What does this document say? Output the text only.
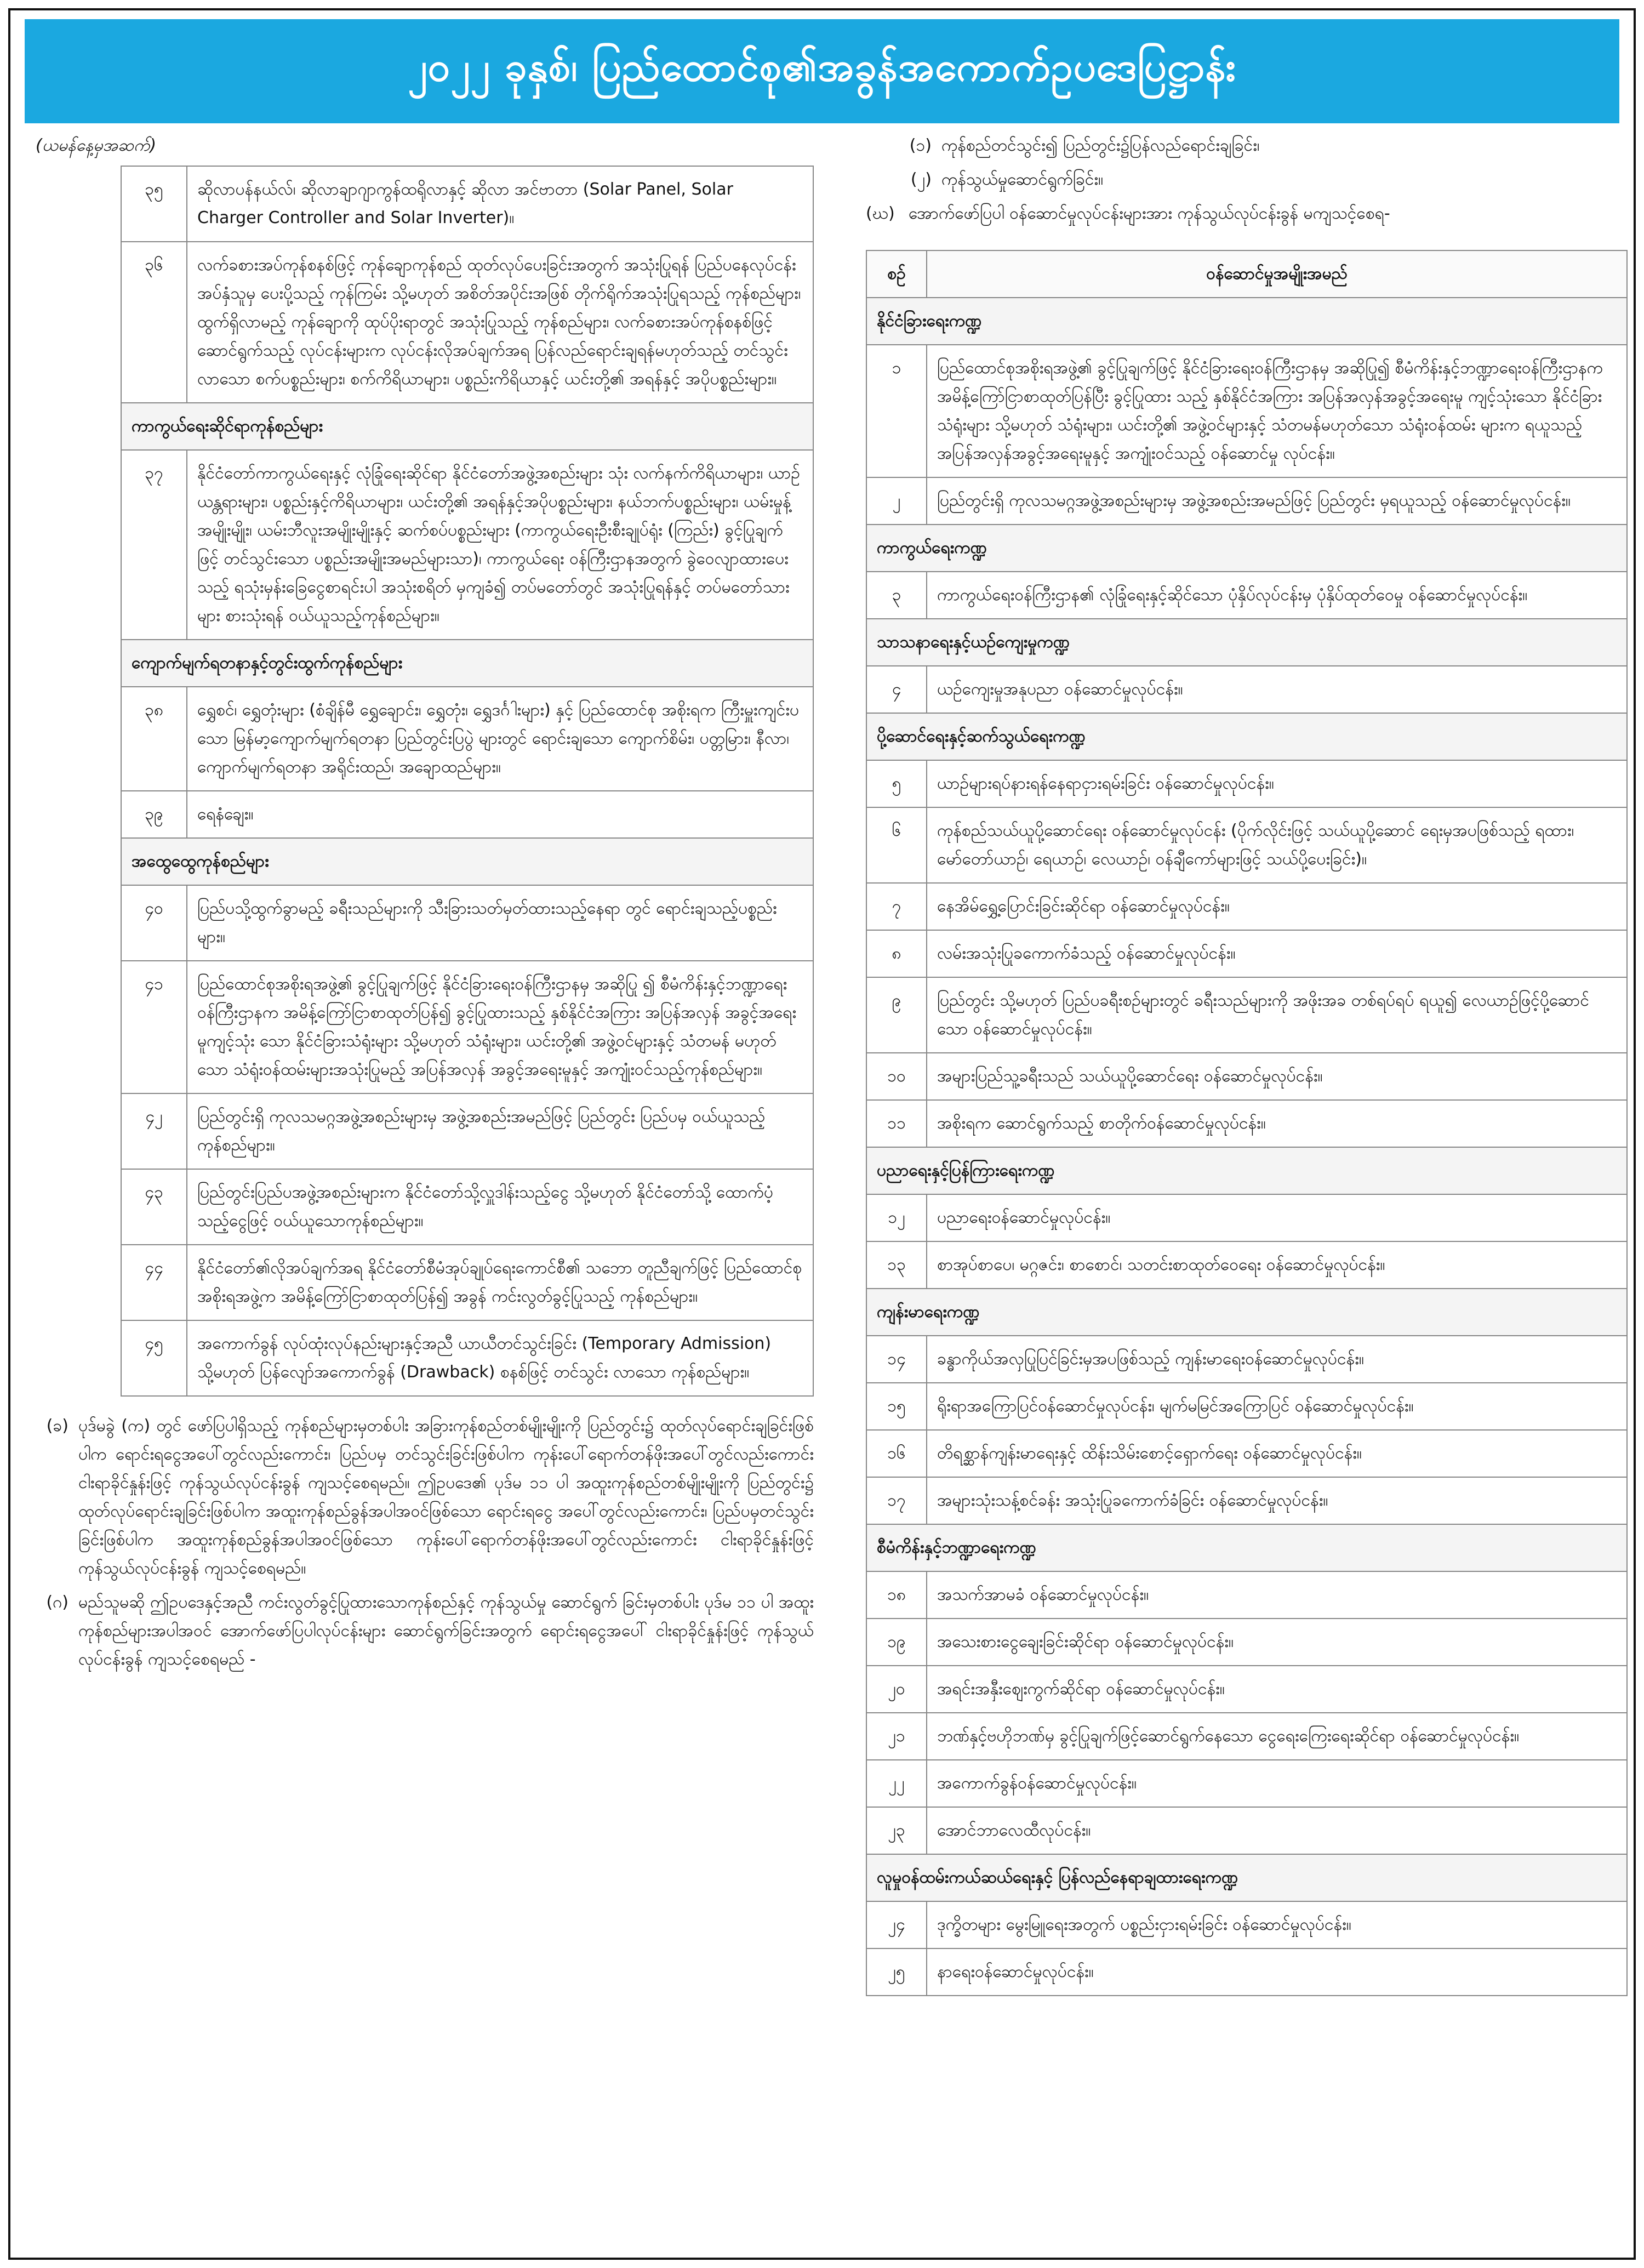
၂၀၂၂ ခုနှစ်၊ ပြည်ထောင်စု၏အခွန်အကောက်ဥပဒေပြဋ္ဌာန်း
(ယမန်နေ့မှအဆက်)
၃၅	ဆိုလာပန်နယ်လ်၊ ဆိုလာချာဂျာကွန်ထရိုလာနှင့် ဆိုလာ အင်ဗာတာ (Solar Panel, Solar Charger Controller and Solar Inverter)။
၃၆	လက်ခစားအပ်ကုန်စနစ်ဖြင့် ကုန်ချောကုန်စည် ထုတ်လုပ်ပေးခြင်းအတွက် အသုံးပြုရန် ပြည်ပနေလုပ်ငန်းအပ်နှံသူမှ ပေးပို့သည့် ကုန်ကြမ်း သို့မဟုတ် အစိတ်အပိုင်းအဖြစ် တိုက်ရိုက်အသုံးပြုရသည့် ကုန်စည်များ၊ ထွက်ရှိလာမည့် ကုန်ချောကို ထုပ်ပိုးရာတွင် အသုံးပြုသည့် ကုန်စည်များ၊ လက်ခစားအပ်ကုန်စနစ်ဖြင့် ဆောင်ရွက်သည့် လုပ်ငန်းများက လုပ်ငန်းလိုအပ်ချက်အရ ပြန်လည်ရောင်းချရန်မဟုတ်သည့် တင်သွင်းလာသော စက်ပစ္စည်းများ၊ စက်ကိရိယာများ၊ ပစ္စည်းကိရိယာနှင့် ယင်းတို့၏ အရန်နှင့် အပိုပစ္စည်းများ။
ကာကွယ်ရေးဆိုင်ရာကုန်စည်များ	
၃၇	နိုင်ငံတော်ကာကွယ်ရေးနှင့် လုံခြုံရေးဆိုင်ရာ နိုင်ငံတော်အဖွဲ့အစည်းများ သုံး လက်နက်ကိရိယာများ၊ ယာဉ်ယန္တရားများ၊ ပစ္စည်းနှင့်ကိရိယာများ၊ ယင်းတို့၏ အရန်နှင့်အပိုပစ္စည်းများ၊ နယ်ဘက်ပစ္စည်းများ၊ ယမ်းမှုန့်အမျိုးမျိုး၊ ယမ်းဘီလူးအမျိုးမျိုးနှင့် ဆက်စပ်ပစ္စည်းများ (ကာကွယ်ရေးဦးစီးချုပ်ရုံး (ကြည်း) ခွင့်ပြုချက်ဖြင့် တင်သွင်းသော ပစ္စည်းအမျိုးအမည်များသာ)၊ ကာကွယ်ရေး ဝန်ကြီးဌာနအတွက် ခွဲဝေလျာထားပေးသည့် ရသုံးမှန်းခြေငွေစာရင်းပါ အသုံးစရိတ် မှကျခံ၍ တပ်မတော်တွင် အသုံးပြုရန်နှင့် တပ်မတော်သားများ စားသုံးရန် ဝယ်ယူသည့်ကုန်စည်များ။
ကျောက်မျက်ရတနာနှင့်တွင်းထွက်ကုန်စည်များ	
၃၈	ရွှေစင်၊ ရွှေတုံးများ (စံချိန်မီ ရွှေချောင်း၊ ရွှေတုံး၊ ရွှေဒင်္ဂါးများ) နှင့် ပြည်ထောင်စု အစိုးရက ကြီးမှူးကျင်းပသော မြန်မာ့ကျောက်မျက်ရတနာ ပြည်တွင်းပြပွဲ များတွင် ရောင်းချသော ကျောက်စိမ်း၊ ပတ္တမြား၊ နီလာ၊ ကျောက်မျက်ရတနာ အရိုင်းထည်၊ အချောထည်များ။
၃၉	ရေနံချေး။
အထွေထွေကုန်စည်များ	
၄၀	ပြည်ပသို့ထွက်ခွာမည့် ခရီးသည်များကို သီးခြားသတ်မှတ်ထားသည့်နေရာ တွင် ရောင်းချသည့်ပစ္စည်းများ။
၄၁	ပြည်ထောင်စုအစိုးရအဖွဲ့၏ ခွင့်ပြုချက်ဖြင့် နိုင်ငံခြားရေးဝန်ကြီးဌာနမှ အဆိုပြု ၍ စီမံကိန်းနှင့်ဘဏ္ဍာရေးဝန်ကြီးဌာနက အမိန့်ကြော်ငြာစာထုတ်ပြန်၍ ခွင့်ပြုထားသည့် နှစ်နိုင်ငံအကြား အပြန်အလှန် အခွင့်အရေးမူကျင့်သုံး သော နိုင်ငံခြားသံရုံးများ သို့မဟုတ် သံရုံးများ၊ ယင်းတို့၏ အဖွဲ့ဝင်များနှင့် သံတမန် မဟုတ်သော သံရုံးဝန်ထမ်းများအသုံးပြုမည့် အပြန်အလှန် အခွင့်အရေးမူနှင့် အကျုံးဝင်သည့်ကုန်စည်များ။
၄၂	ပြည်တွင်းရှိ ကုလသမဂ္ဂအဖွဲ့အစည်းများမှ အဖွဲ့အစည်းအမည်ဖြင့် ပြည်တွင်း ပြည်ပမှ ဝယ်ယူသည့် ကုန်စည်များ။
၄၃	ပြည်တွင်းပြည်ပအဖွဲ့အစည်းများက နိုင်ငံတော်သို့လှူဒါန်းသည့်ငွေ သို့မဟုတ် နိုင်ငံတော်သို့ ထောက်ပံ့သည့်ငွေဖြင့် ဝယ်ယူသောကုန်စည်များ။
၄၄	နိုင်ငံတော်၏လိုအပ်ချက်အရ နိုင်ငံတော်စီမံအုပ်ချုပ်ရေးကောင်စီ၏ သဘော တူညီချက်ဖြင့် ပြည်ထောင်စုအစိုးရအဖွဲ့က အမိန့်ကြော်ငြာစာထုတ်ပြန်၍ အခွန် ကင်းလွတ်ခွင့်ပြုသည့် ကုန်စည်များ။
၄၅	အကောက်ခွန် လုပ်ထုံးလုပ်နည်းများနှင့်အညီ ယာယီတင်သွင်းခြင်း (Temporary Admission) သို့မဟုတ် ပြန်လျော်အကောက်ခွန် (Drawback) စနစ်ဖြင့် တင်သွင်း လာသော ကုန်စည်များ။
(ခ) ပုဒ်မခွဲ (က) တွင် ဖော်ပြပါရှိသည့် ကုန်စည်များမှတစ်ပါး အခြားကုန်စည်တစ်မျိုးမျိုးကို ပြည်တွင်း၌ ထုတ်လုပ်ရောင်းချခြင်းဖြစ်ပါက ရောင်းရငွေအပေါ်တွင်လည်းကောင်း၊ ပြည်ပမှ တင်သွင်းခြင်းဖြစ်ပါက ကုန်းပေါ်ရောက်တန်ဖိုးအပေါ်တွင်လည်းကောင်း ငါးရာခိုင်နှုန်းဖြင့် ကုန်သွယ်လုပ်ငန်းခွန် ကျသင့်စေရမည်။ ဤဥပဒေ၏ ပုဒ်မ ၁၁ ပါ အထူးကုန်စည်တစ်မျိုးမျိုးကို ပြည်တွင်း၌ ထုတ်လုပ်ရောင်းချခြင်းဖြစ်ပါက အထူးကုန်စည်ခွန်အပါအဝင်ဖြစ်သော ရောင်းရငွေ အပေါ်တွင်လည်းကောင်း၊ ပြည်ပမှတင်သွင်းခြင်းဖြစ်ပါက အထူးကုန်စည်ခွန်အပါအဝင်ဖြစ်သော ကုန်းပေါ်ရောက်တန်ဖိုးအပေါ်တွင်လည်းကောင်း ငါးရာခိုင်နှုန်းဖြင့် ကုန်သွယ်လုပ်ငန်းခွန် ကျသင့်စေရမည်။
(ဂ) မည်သူမဆို ဤဥပဒေနှင့်အညီ ကင်းလွတ်ခွင့်ပြုထားသောကုန်စည်နှင့် ကုန်သွယ်မှု ဆောင်ရွက် ခြင်းမှတစ်ပါး ပုဒ်မ ၁၁ ပါ အထူးကုန်စည်များအပါအဝင် အောက်ဖော်ပြပါလုပ်ငန်းများ ဆောင်ရွက်ခြင်းအတွက် ရောင်းရငွေအပေါ် ငါးရာခိုင်နှုန်းဖြင့် ကုန်သွယ်လုပ်ငန်းခွန် ကျသင့်စေရမည် -
(၁) ကုန်စည်တင်သွင်း၍ ပြည်တွင်း၌ပြန်လည်ရောင်းချခြင်း၊
(၂) ကုန်သွယ်မှုဆောင်ရွက်ခြင်း။
(ဃ) အောက်ဖော်ပြပါ ဝန်ဆောင်မှုလုပ်ငန်းများအား ကုန်သွယ်လုပ်ငန်းခွန် မကျသင့်စေရ-
စဉ်	ဝန်ဆောင်မှုအမျိုးအမည်
နိုင်ငံခြားရေးကဏ္ဍ	
၁	ပြည်ထောင်စုအစိုးရအဖွဲ့၏ ခွင့်ပြုချက်ဖြင့် နိုင်ငံခြားရေးဝန်ကြီးဌာနမှ အဆိုပြု၍ စီမံကိန်းနှင့်ဘဏ္ဍာရေးဝန်ကြီးဌာနက အမိန့်ကြော်ငြာစာထုတ်ပြန်ပြီး ခွင့်ပြုထား သည့် နှစ်နိုင်ငံအကြား အပြန်အလှန်အခွင့်အရေးမူ ကျင့်သုံးသော နိုင်ငံခြားသံရုံးများ သို့မဟုတ် သံရုံးများ၊ ယင်းတို့၏ အဖွဲ့ဝင်များနှင့် သံတမန်မဟုတ်သော သံရုံးဝန်ထမ်း များက ရယူသည့် အပြန်အလှန်အခွင့်အရေးမူနှင့် အကျုံးဝင်သည့် ဝန်ဆောင်မှု လုပ်ငန်း။
၂	ပြည်တွင်းရှိ ကုလသမဂ္ဂအဖွဲ့အစည်းများမှ အဖွဲ့အစည်းအမည်ဖြင့် ပြည်တွင်း မှရယူသည့် ဝန်ဆောင်မှုလုပ်ငန်း။
ကာကွယ်ရေးကဏ္ဍ	
၃	ကာကွယ်ရေးဝန်ကြီးဌာန၏ လုံခြုံရေးနှင့်ဆိုင်သော ပုံနှိပ်လုပ်ငန်းမှ ပုံနှိပ်ထုတ်ဝေမှု ဝန်ဆောင်မှုလုပ်ငန်း။
သာသနာရေးနှင့်ယဉ်ကျေးမှုကဏ္ဍ	
၄	ယဉ်ကျေးမှုအနုပညာ ဝန်ဆောင်မှုလုပ်ငန်း။
ပို့ဆောင်ရေးနှင့်ဆက်သွယ်ရေးကဏ္ဍ	
၅	ယာဉ်များရပ်နားရန်နေရာငှားရမ်းခြင်း ဝန်ဆောင်မှုလုပ်ငန်း။
၆	ကုန်စည်သယ်ယူပို့ဆောင်ရေး ဝန်ဆောင်မှုလုပ်ငန်း (ပိုက်လိုင်းဖြင့် သယ်ယူပို့ဆောင် ရေးမှအပဖြစ်သည့် ရထား၊ မော်တော်ယာဉ်၊ ရေယာဉ်၊ လေယာဉ်၊ ဝန်ချီကော်များဖြင့် သယ်ပို့ပေးခြင်း)။
၇	နေအိမ်ရွှေ့ပြောင်းခြင်းဆိုင်ရာ ဝန်ဆောင်မှုလုပ်ငန်း။
၈	လမ်းအသုံးပြုခကောက်ခံသည့် ဝန်ဆောင်မှုလုပ်ငန်း။
၉	ပြည်တွင်း သို့မဟုတ် ပြည်ပခရီးစဉ်များတွင် ခရီးသည်များကို အဖိုးအခ တစ်ရပ်ရပ် ရယူ၍ လေယာဉ်ဖြင့်ပို့ဆောင်သော ဝန်ဆောင်မှုလုပ်ငန်း။
၁၀	အများပြည်သူ့ခရီးသည် သယ်ယူပို့ဆောင်ရေး ဝန်ဆောင်မှုလုပ်ငန်း။
၁၁	အစိုးရက ဆောင်ရွက်သည့် စာတိုက်ဝန်ဆောင်မှုလုပ်ငန်း။
ပညာရေးနှင့်ပြန်ကြားရေးကဏ္ဍ	
၁၂	ပညာရေးဝန်ဆောင်မှုလုပ်ငန်း။
၁၃	စာအုပ်စာပေ၊ မဂ္ဂဇင်း၊ စာစောင်၊ သတင်းစာထုတ်ဝေရေး ဝန်ဆောင်မှုလုပ်ငန်း။
ကျန်းမာရေးကဏ္ဍ	
၁၄	ခန္ဓာကိုယ်အလှပြုပြင်ခြင်းမှအပဖြစ်သည့် ကျန်းမာရေးဝန်ဆောင်မှုလုပ်ငန်း။
၁၅	ရိုးရာအကြောပြင်ဝန်ဆောင်မှုလုပ်ငန်း၊ မျက်မမြင်အကြောပြင် ဝန်ဆောင်မှုလုပ်ငန်း။
၁၆	တိရစ္ဆာန်ကျန်းမာရေးနှင့် ထိန်းသိမ်းစောင့်ရှောက်ရေး ဝန်ဆောင်မှုလုပ်ငန်း။
၁၇	အများသုံးသန့်စင်ခန်း အသုံးပြုခကောက်ခံခြင်း ဝန်ဆောင်မှုလုပ်ငန်း။
စီမံကိန်းနှင့်ဘဏ္ဍာရေးကဏ္ဍ	
၁၈	အသက်အာမခံ ဝန်ဆောင်မှုလုပ်ငန်း။
၁၉	အသေးစားငွေချေးခြင်းဆိုင်ရာ ဝန်ဆောင်မှုလုပ်ငန်း။
၂၀	အရင်းအနှီးဈေးကွက်ဆိုင်ရာ ဝန်ဆောင်မှုလုပ်ငန်း။
၂၁	ဘဏ်နှင့်ဗဟိုဘဏ်မှ ခွင့်ပြုချက်ဖြင့်ဆောင်ရွက်နေသော ငွေရေးကြေးရေးဆိုင်ရာ ဝန်ဆောင်မှုလုပ်ငန်း။
၂၂	အကောက်ခွန်ဝန်ဆောင်မှုလုပ်ငန်း။
၂၃	အောင်ဘာလေထီလုပ်ငန်း။
လူမှုဝန်ထမ်းကယ်ဆယ်ရေးနှင့် ပြန်လည်နေရာချထားရေးကဏ္ဍ	
၂၄	ဒုက္ခိတများ မွေးမြူရေးအတွက် ပစ္စည်းငှားရမ်းခြင်း ဝန်ဆောင်မှုလုပ်ငန်း။
၂၅	နာရေးဝန်ဆောင်မှုလုပ်ငန်း။
